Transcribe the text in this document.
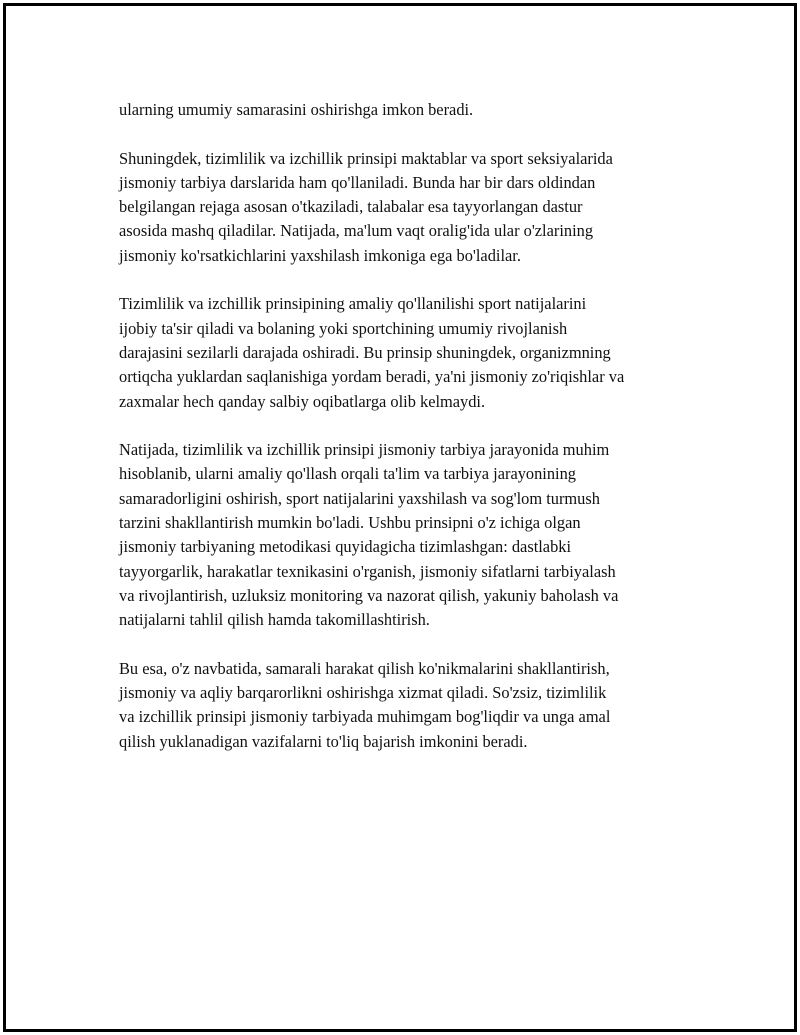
ularning umumiy samarasini oshirishga imkon beradi.

Shuningdek, tizimlilik va izchillik prinsipi maktablar va sport seksiyalarida
jismoniy tarbiya darslarida ham qo'llaniladi. Bunda har bir dars oldindan
belgilangan rejaga asosan o'tkaziladi, talabalar esa tayyorlangan dastur
asosida mashq qiladilar. Natijada, ma'lum vaqt oralig'ida ular o'zlarining
jismoniy ko'rsatkichlarini yaxshilash imkoniga ega bo'ladilar.

Tizimlilik va izchillik prinsipining amaliy qo'llanilishi sport natijalarini
ijobiy ta'sir qiladi va bolaning yoki sportchining umumiy rivojlanish
darajasini sezilarli darajada oshiradi. Bu prinsip shuningdek, organizmning
ortiqcha yuklardan saqlanishiga yordam beradi, ya'ni jismoniy zo'riqishlar va
zaxmalar hech qanday salbiy oqibatlarga olib kelmaydi.

Natijada, tizimlilik va izchillik prinsipi jismoniy tarbiya jarayonida muhim
hisoblanib, ularni amaliy qo'llash orqali ta'lim va tarbiya jarayonining
samaradorligini oshirish, sport natijalarini yaxshilash va sog'lom turmush
tarzini shakllantirish mumkin bo'ladi. Ushbu prinsipni o'z ichiga olgan
jismoniy tarbiyaning metodikasi quyidagicha tizimlashgan: dastlabki
tayyorgarlik, harakatlar texnikasini o'rganish, jismoniy sifatlarni tarbiyalash
va rivojlantirish, uzluksiz monitoring va nazorat qilish, yakuniy baholash va
natijalarni tahlil qilish hamda takomillashtirish.

Bu esa, o'z navbatida, samarali harakat qilish ko'nikmalarini shakllantirish,
jismoniy va aqliy barqarorlikni oshirishga xizmat qiladi. So'zsiz, tizimlilik
va izchillik prinsipi jismoniy tarbiyada muhimgam bog'liqdir va unga amal
qilish yuklanadigan vazifalarni to'liq bajarish imkonini beradi.
